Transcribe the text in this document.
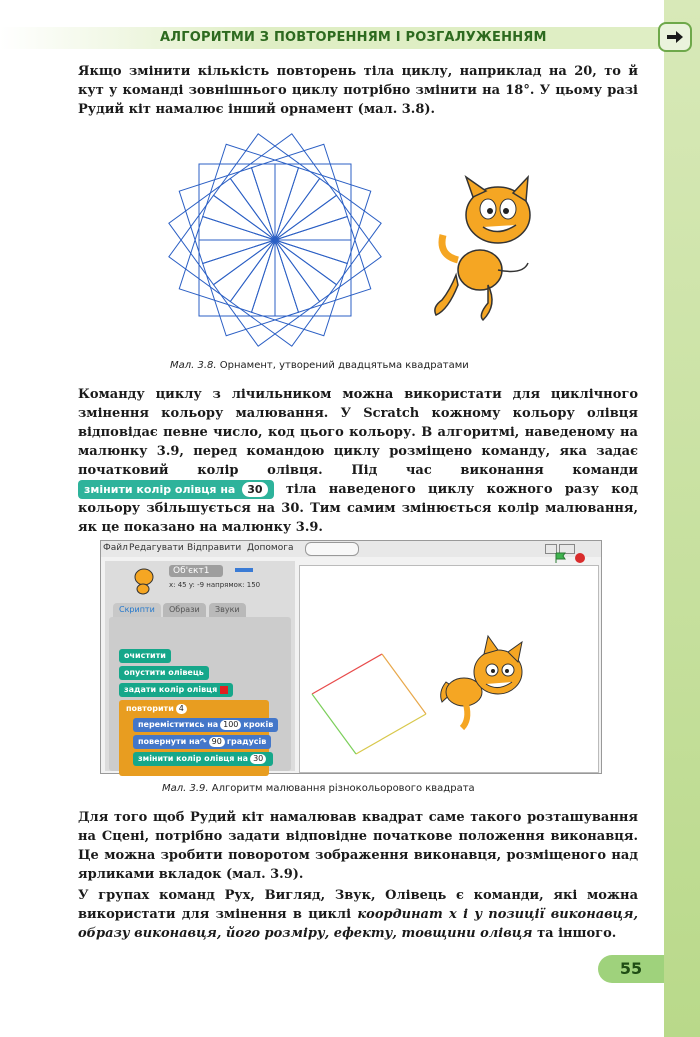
АЛГОРИТМИ З ПОВТОРЕННЯМ І РОЗГАЛУЖЕННЯМ
Якщо змінити кількість повторень тіла циклу, наприклад на 20, то й кут у команді зовнішнього циклу потрібно змінити на 18°. У цьому разі Рудий кіт намалює інший орнамент (мал. 3.8).
Мал. 3.8. Орнамент, утворений двадцятьма квадратами
Команду циклу з лічильником можна використати для циклічного змінення кольору малювання. У Scratch кожному кольору олівця відповідає певне число, код цього кольору. В алгоритмі, наведеному на малюнку 3.9, перед командою циклу розміщено команду, яка задає початковий колір олівця. Під час виконання команди змінити колір олівця на 30 тіла наведеного циклу кожного разу код кольору збільшується на 30. Тим самим змінюється колір малювання, як це показано на малюнку 3.9.
Файл Редагувати Відправити Допомога
Об'єкт1
x: 45 y: -9 напрямок: 150
Скрипти	Образи	Звуки
очистити
опустити олівець
задати колір олівця
повторити 4
переміститись на 100 кроків
повернути на↷ 90 градусів
змінити колір олівця на 30
Мал. 3.9. Алгоритм малювання різнокольорового квадрата
Для того щоб Рудий кіт намалював квадрат саме такого розташування на Сцені, потрібно задати відповідне початкове положення виконавця. Це можна зробити поворотом зображення виконавця, розміщеного над ярликами вкладок (мал. 3.9).
У групах команд Рух, Вигляд, Звук, Олівець є команди, які можна використати для змінення в циклі координат x і y позиції виконавця, образу виконавця, його розміру, ефекту, товщини олівця та іншого.
55
